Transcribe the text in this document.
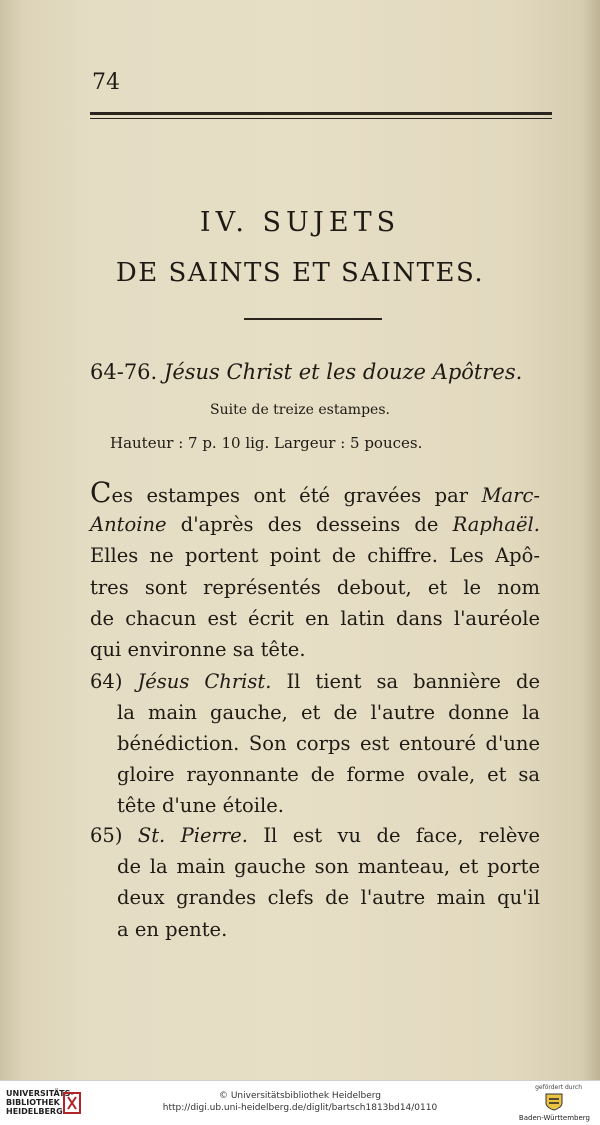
74
IV. SUJETS
DE SAINTS ET SAINTES.
64-76. Jésus Christ et les douze Apôtres.
Suite de treize estampes.
Hauteur : 7 p. 10 lig. Largeur : 5 pouces.
Ces estampes ont été gravées par Marc-
Antoine d'après des desseins de Raphaël.
Elles ne portent point de chiffre. Les Apô-
tres sont représentés debout, et le nom
de chacun est écrit en latin dans l'auréole
qui environne sa tête.
64) Jésus Christ. Il tient sa bannière de
la main gauche, et de l'autre donne la
bénédiction. Son corps est entouré d'une
gloire rayonnante de forme ovale, et sa
tête d'une étoile.
65) St. Pierre. Il est vu de face, relève
de la main gauche son manteau, et porte
deux grandes clefs de l'autre main qu'il
a en pente.
UNIVERSITÄTS-
BIBLIOTHEK
HEIDELBERG
© Universitätsbibliothek Heidelberg
http://digi.ub.uni-heidelberg.de/diglit/bartsch1813bd14/0110
gefördert durch
Baden-Württemberg
